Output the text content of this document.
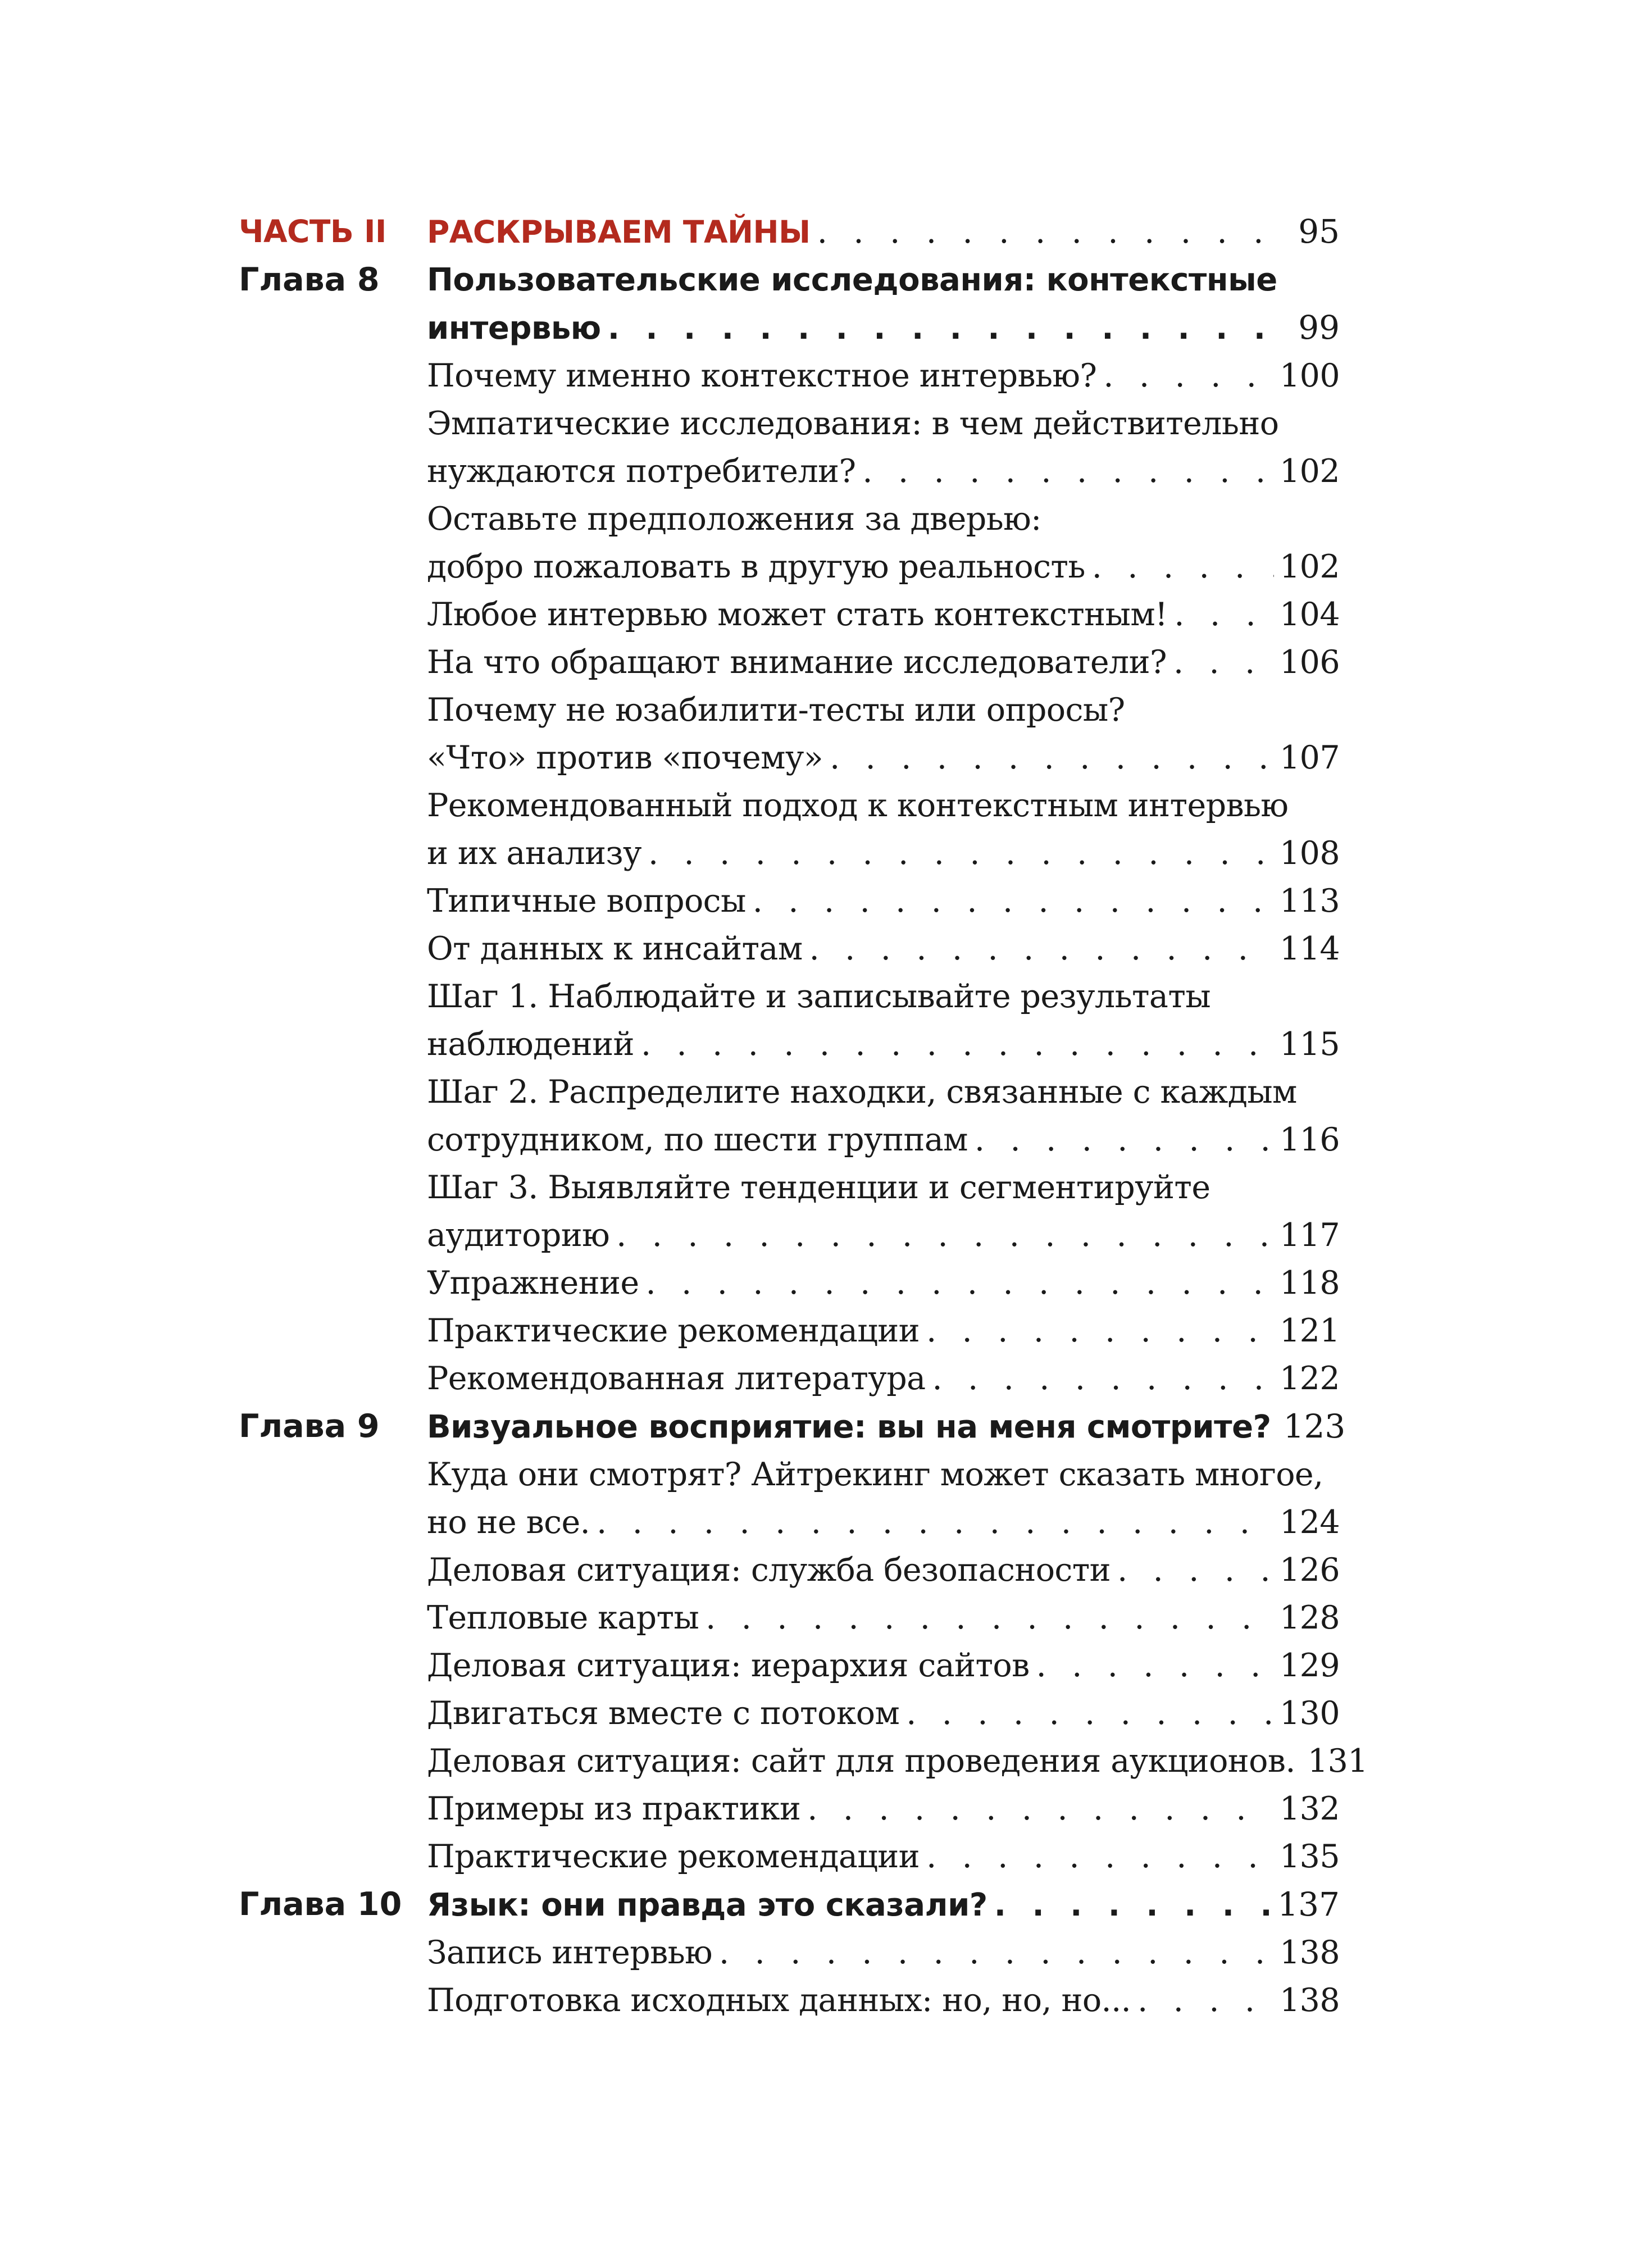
ЧАСТЬ II	РАСКРЫВАЕМ ТАЙНЫ . . .	95
Глава 8	Пользовательские исследования: контекстные
интервью . . .	99
Почему именно контекстное интервью? . . .	100
Эмпатические исследования: в чем действительно
нуждаются потребители? . . .	102
Оставьте предположения за дверью:
добро пожаловать в другую реальность . . .	102
Любое интервью может стать контекстным! . . .	104
На что обращают внимание исследователи? . . .	106
Почему не юзабилити-тесты или опросы?
«Что» против «почему» . . .	107
Рекомендованный подход к контекстным интервью
и их анализу . . .	108
Типичные вопросы . . .	113
От данных к инсайтам . . .	114
Шаг 1. Наблюдайте и записывайте результаты
наблюдений . . .	115
Шаг 2. Распределите находки, связанные с каждым
сотрудником, по шести группам . . .	116
Шаг 3. Выявляйте тенденции и сегментируйте
аудиторию . . .	117
Упражнение . . .	118
Практические рекомендации . . .	121
Рекомендованная литература . . .	122
Глава 9	Визуальное восприятие: вы на меня смотрите? . . . 123
Куда они смотрят? Айтрекинг может сказать многое,
но не все. . . .	124
Деловая ситуация: служба безопасности . . .	126
Тепловые карты . . .	128
Деловая ситуация: иерархия сайтов . . .	129
Двигаться вместе с потоком . . .	130
Деловая ситуация: сайт для проведения аукционов. . . . 131
Примеры из практики . . .	132
Практические рекомендации . . .	135
Глава 10 Язык: они правда это сказали? . . .	137
Запись интервью . . .	138
Подготовка исходных данных: но, но, но... . . .	138
